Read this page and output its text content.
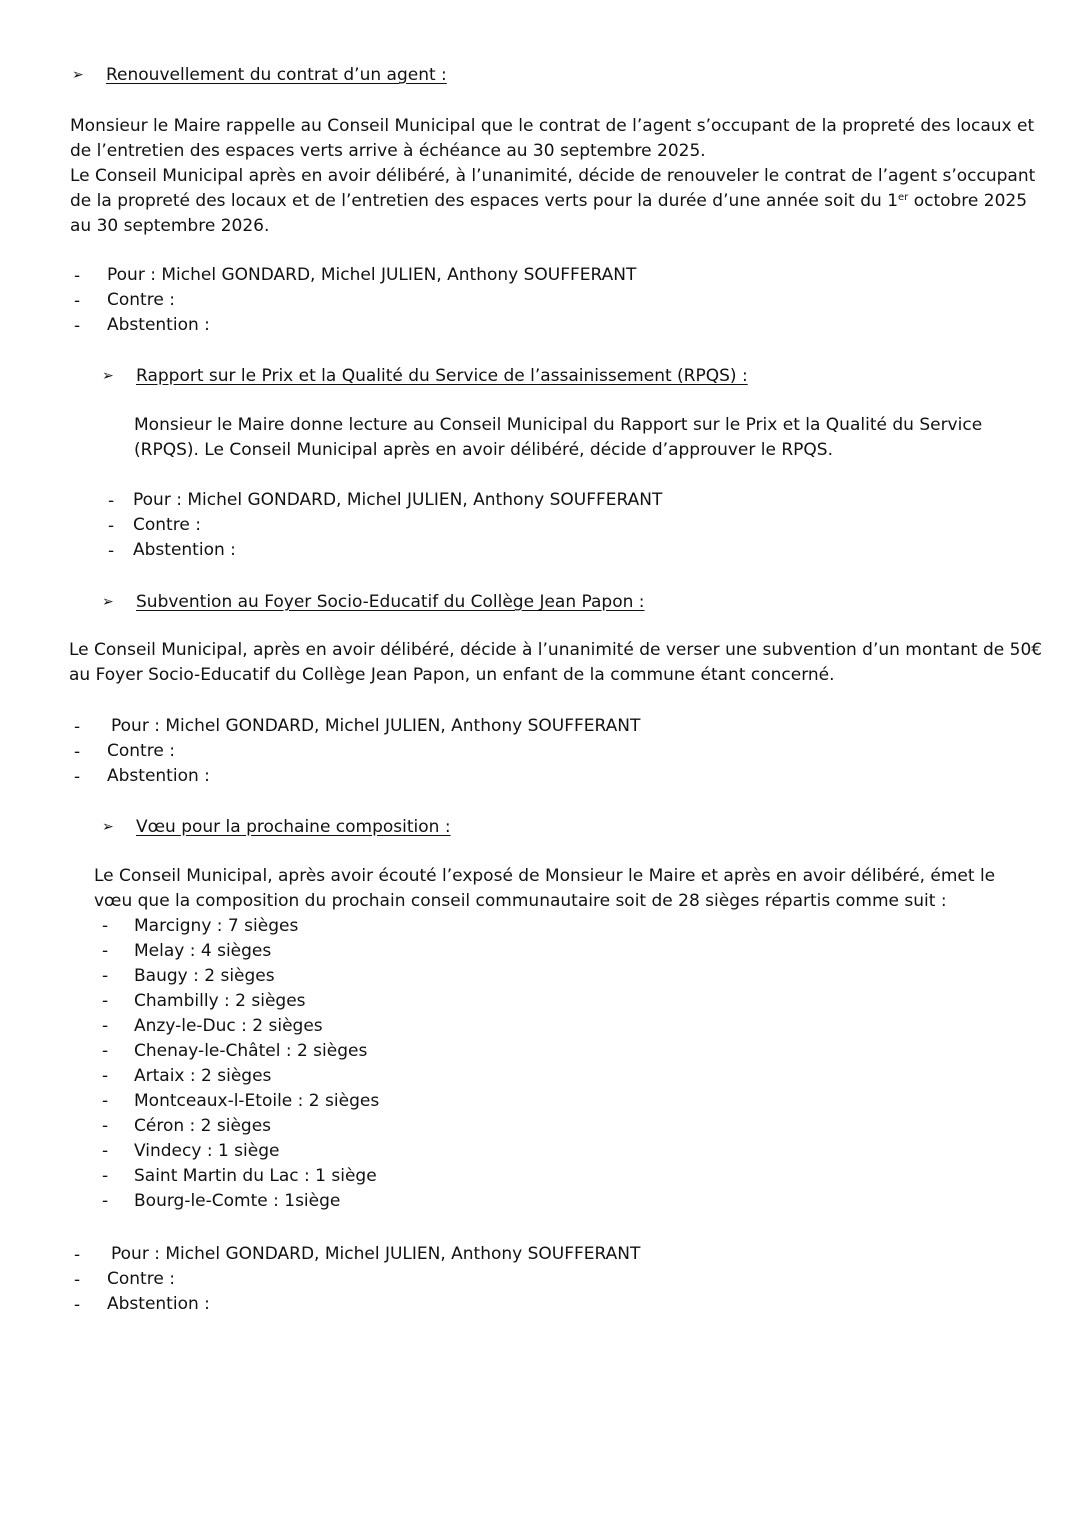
➢	Renouvellement du contrat d’un agent :
Monsieur le Maire rappelle au Conseil Municipal que le contrat de l’agent s’occupant de la propreté des locaux et
de l’entretien des espaces verts arrive à échéance au 30 septembre 2025.
Le Conseil Municipal après en avoir délibéré, à l’unanimité, décide de renouveler le contrat de l’agent s’occupant
de la propreté des locaux et de l’entretien des espaces verts pour la durée d’une année soit du 1er octobre 2025
au 30 septembre 2026.
- Pour : Michel GONDARD, Michel JULIEN, Anthony SOUFFERANT
- Contre :
- Abstention :
➢	Rapport sur le Prix et la Qualité du Service de l’assainissement (RPQS) :
Monsieur le Maire donne lecture au Conseil Municipal du Rapport sur le Prix et la Qualité du Service
(RPQS). Le Conseil Municipal après en avoir délibéré, décide d’approuver le RPQS.
- Pour : Michel GONDARD, Michel JULIEN, Anthony SOUFFERANT
- Contre :
- Abstention :
➢	Subvention au Foyer Socio-Educatif du Collège Jean Papon :
Le Conseil Municipal, après en avoir délibéré, décide à l’unanimité de verser une subvention d’un montant de 50€
au Foyer Socio-Educatif du Collège Jean Papon, un enfant de la commune étant concerné.
- Pour : Michel GONDARD, Michel JULIEN, Anthony SOUFFERANT
- Contre :
- Abstention :
➢	Vœu pour la prochaine composition :
Le Conseil Municipal, après avoir écouté l’exposé de Monsieur le Maire et après en avoir délibéré, émet le
vœu que la composition du prochain conseil communautaire soit de 28 sièges répartis comme suit :
- Marcigny : 7 sièges
- Melay : 4 sièges
- Baugy : 2 sièges
- Chambilly : 2 sièges
- Anzy-le-Duc : 2 sièges
- Chenay-le-Châtel : 2 sièges
- Artaix : 2 sièges
- Montceaux-l-Etoile : 2 sièges
- Céron : 2 sièges
- Vindecy : 1 siège
- Saint Martin du Lac : 1 siège
- Bourg-le-Comte : 1siège
- Pour : Michel GONDARD, Michel JULIEN, Anthony SOUFFERANT
- Contre :
- Abstention :
